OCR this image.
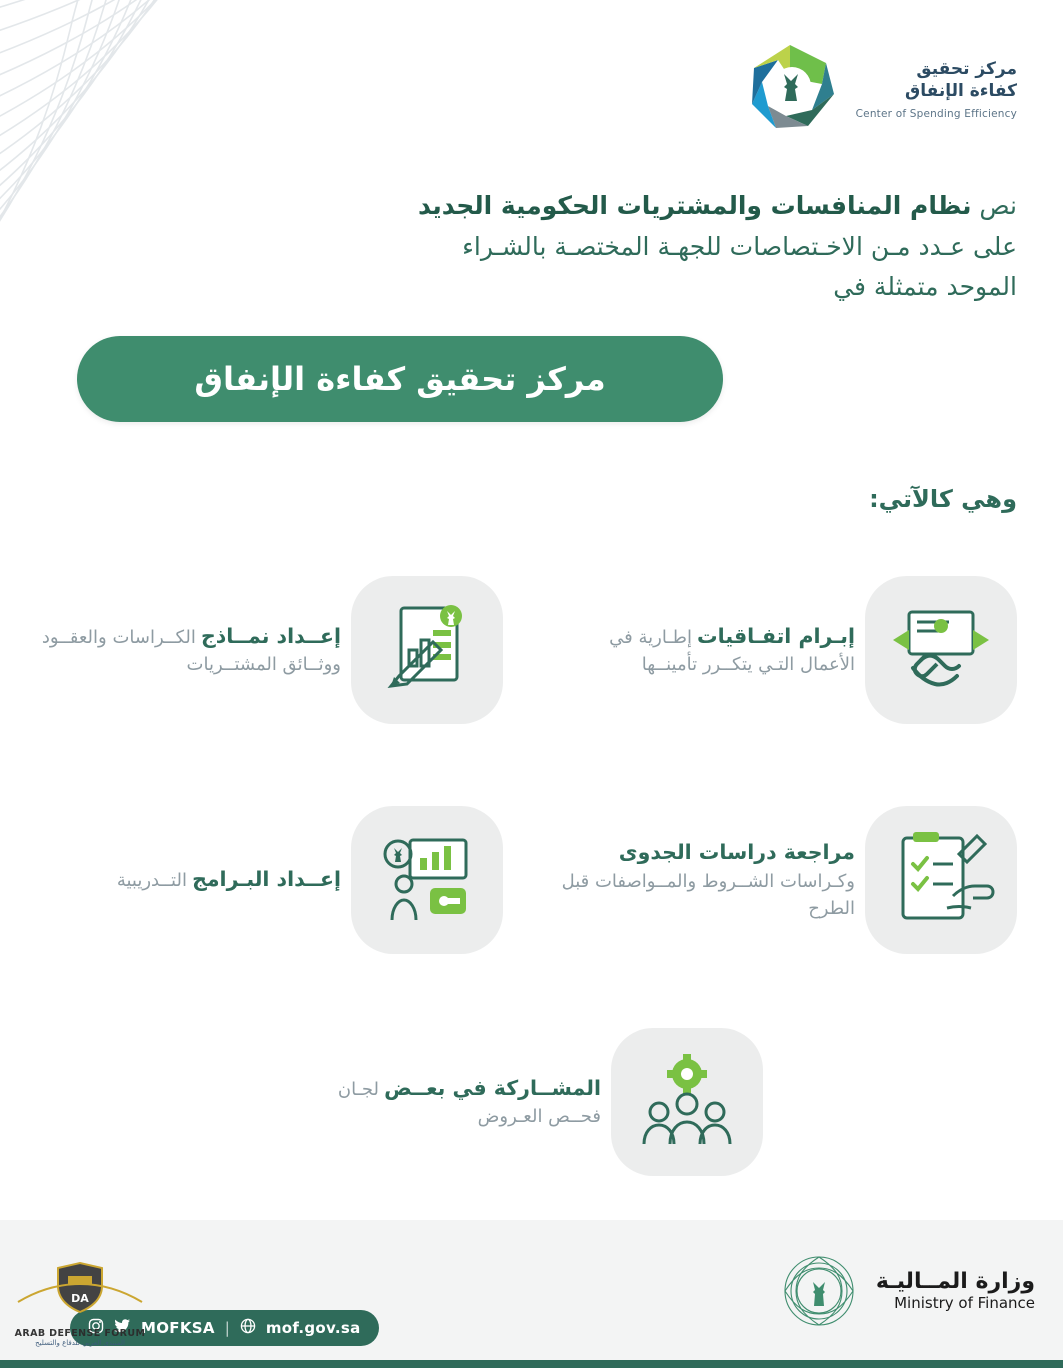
مركز تحقيق
كفاءة الإنفاق
Center of Spending Efficiency
نص نظام المنافسات والمشتريات الحكومية الجديد
على عـدد مـن الاخـتصاصات للجهـة المختصـة بالشـراء
الموحد متمثلة في
مركز تحقيق كفاءة الإنفاق
وهي كالآتي:
إبـرام اتفـاقيات إطـارية في الأعمال التـي يتكــرر تأمينــها
إعــداد نمــاذج الكــراسات والعقــود ووثــائق المشتــريات
مراجعة دراسات الجدوى وكـراسات الشــروط والمــواصفات قبل الطرح
إعــداد البـرامج التــدريبية
المشــاركة في بعــض لجـان فحــص العـروض
وزارة المــاليـة
Ministry of Finance
MOFKSA | mof.gov.sa
DA
ARAB DEFENSE FORUM
المنتدى العربي للدفاع والتسليح
